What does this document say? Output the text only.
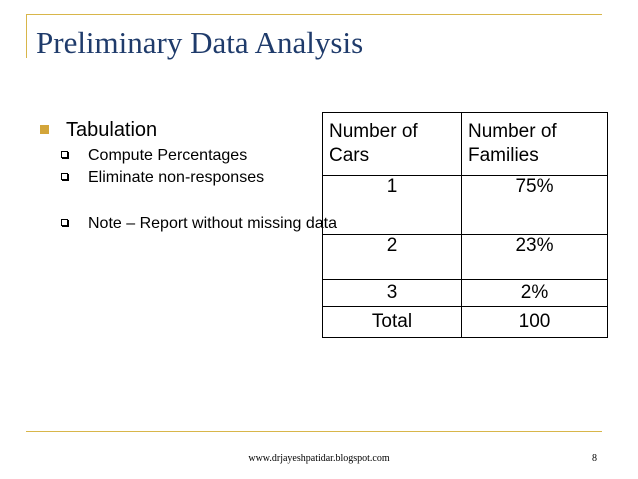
Preliminary Data Analysis
Tabulation
Compute Percentages
Eliminate non-responses
Note – Report without missing data
Number of Cars	Number of Families
1	75%
2	23%
3	2%
Total	100
www.drjayeshpatidar.blogspot.com	8
